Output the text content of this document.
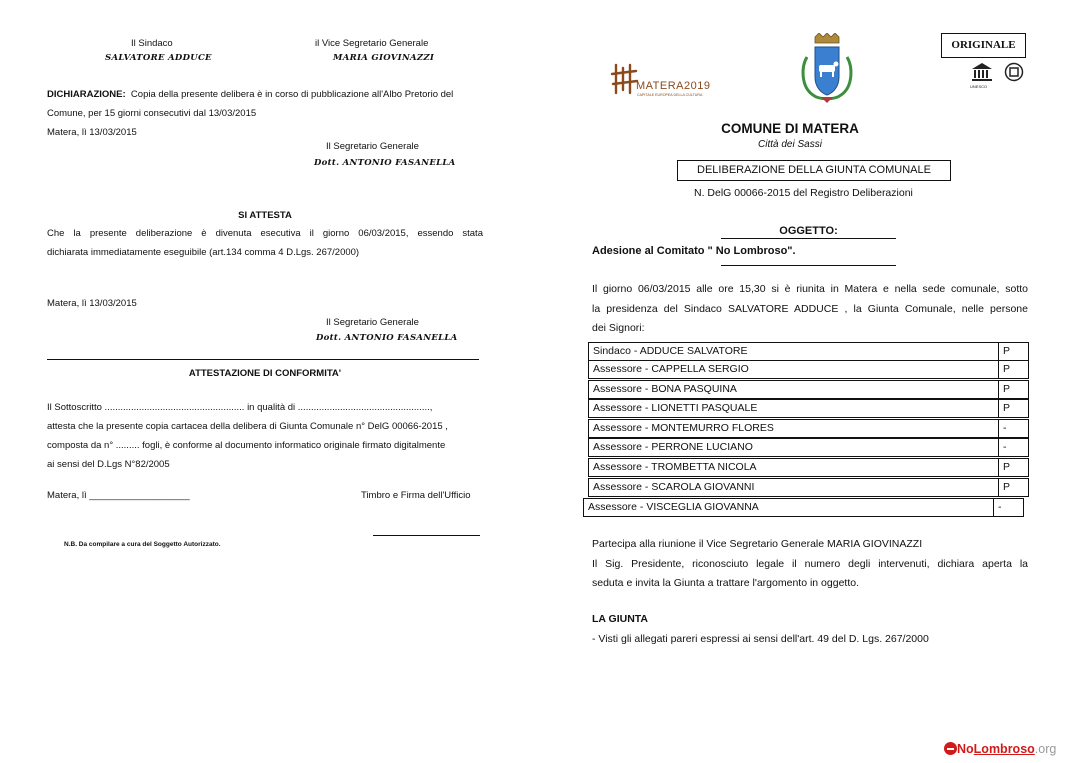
Il Sindaco
SALVATORE ADDUCE
il Vice Segretario Generale
MARIA GIOVINAZZI
DICHIARAZIONE: Copia della presente delibera è in corso di pubblicazione all'Albo Pretorio del
Comune, per 15 giorni consecutivi dal 13/03/2015
Matera, lì 13/03/2015
Il Segretario Generale
Dott. ANTONIO FASANELLA
SI ATTESTA
Che la presente deliberazione è divenuta esecutiva il giorno 06/03/2015, essendo stata
dichiarata immediatamente eseguibile (art.134 comma 4 D.Lgs. 267/2000)
Matera, lì 13/03/2015
Il Segretario Generale
Dott. ANTONIO FASANELLA
ATTESTAZIONE DI CONFORMITA'
Il Sottoscritto ..................................................... in qualità di ..................................................,
attesta che la presente copia cartacea della delibera di Giunta Comunale n° DelG 00066-2015 ,
composta da n° ......... fogli, è conforme al documento informatico originale firmato digitalmente
ai sensi del D.Lgs N°82/2005
Matera, lì ___________________	Timbro e Firma dell'Ufficio
N.B. Da compilare a cura del Soggetto Autorizzato.
MATERA2019
CAPITALE EUROPEA DELLA CULTURA
ORIGINALE
UNESCO
COMUNE DI MATERA
Città dei Sassi
DELIBERAZIONE DELLA GIUNTA COMUNALE
N. DelG 00066-2015 del Registro Deliberazioni
OGGETTO:
Adesione al Comitato " No Lombroso".
Il giorno 06/03/2015 alle ore 15,30 si è riunita in Matera e nella sede comunale, sotto
la presidenza del Sindaco SALVATORE ADDUCE , la Giunta Comunale, nelle persone
dei Signori:
Sindaco - ADDUCE SALVATORE	P
Assessore - CAPPELLA SERGIO	P
Assessore - BONA PASQUINA	P
Assessore - LIONETTI PASQUALE	P
Assessore - MONTEMURRO FLORES	-
Assessore - PERRONE LUCIANO	-
Assessore - TROMBETTA NICOLA	P
Assessore - SCAROLA GIOVANNI	P
Assessore - VISCEGLIA GIOVANNA	-
Partecipa alla riunione il Vice Segretario Generale MARIA GIOVINAZZI
Il Sig. Presidente, riconosciuto legale il numero degli intervenuti, dichiara aperta la
seduta e invita la Giunta a trattare l'argomento in oggetto.
LA GIUNTA
- Visti gli allegati pareri espressi ai sensi dell'art. 49 del D. Lgs. 267/2000
NoLombroso.org
